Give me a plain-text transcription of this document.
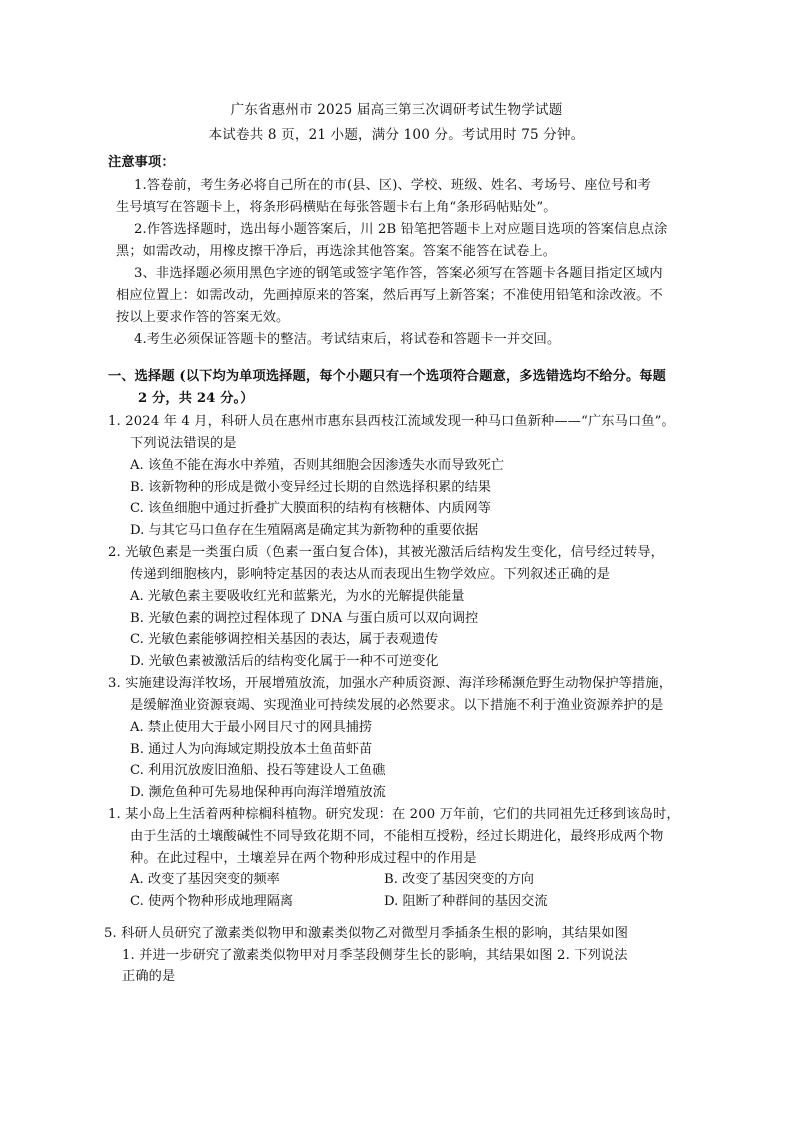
广东省惠州市 2025 届高三第三次调研考试生物学试题
本试卷共 8 页，21 小题，满分 100 分。考试用时 75 分钟。
注意事项：
1.答卷前，考生务必将自己所在的市(县、区)、学校、班级、姓名、考场号、座位号和考
生号填写在答题卡上，将条形码横贴在每张答题卡右上角“条形码帖贴处”。
2.作答选择题时，选出每小题答案后，川 2B 铅笔把答题卡上对应题目选项的答案信息点涂
黑；如需改动，用橡皮擦干净后，再选涂其他答案。答案不能答在试卷上。
3、非选择题必须用黑色字迹的钢笔或签字笔作答，答案必须写在答题卡各题目指定区域内
相应位置上：如需改动，先画掉原来的答案，然后再写上新答案；不准使用铅笔和涂改液。不
按以上要求作答的答案无效。
4.考生必须保证答题卡的整洁。考试结束后，将试卷和答题卡一并交回。
一、选择题 (以下均为单项选择题，每个小题只有一个选项符合题意，多选错选均不给分。每题
2 分，共 24 分。）
1. 2024 年 4 月，科研人员在惠州市惠东县西枝江流域发现一种马口鱼新种——“广东马口鱼”。
下列说法错误的是
A. 该鱼不能在海水中养殖，否则其细胞会因渗透失水而导致死亡
B. 该新物种的形成是微小变异经过长期的自然选择积累的结果
C. 该鱼细胞中通过折叠扩大膜面积的结构有核糖体、内质网等
D. 与其它马口鱼存在生殖隔离是确定其为新物种的重要依据
2. 光敏色素是一类蛋白质（色素一蛋白复合体)，其被光激活后结构发生变化，信号经过转导，
传递到细胞核内，影响特定基因的表达从而表现出生物学效应。下列叙述正确的是
A. 光敏色素主要吸收红光和蓝紫光，为水的光解提供能量
B. 光敏色素的调控过程体现了 DNA 与蛋白质可以双向调控
C. 光敏色素能够调控相关基因的表达，属于表观遗传
D. 光敏色素被激活后的结构变化属于一种不可逆变化
3. 实施建设海洋牧场，开展增殖放流，加强水产种质资源、海洋珍稀濒危野生动物保护等措施，
是缓解渔业资源衰竭、实现渔业可持续发展的必然要求。以下措施不利于渔业资源养护的是
A. 禁止使用大于最小网目尺寸的网具捕捞
B. 通过人为向海域定期投放本土鱼苗虾苗
C. 利用沉放废旧渔船、投石等建设人工鱼礁
D. 濒危鱼种可先易地保种再向海洋增殖放流
1. 某小岛上生活着两种棕榈科植物。研究发现：在 200 万年前，它们的共同祖先迁移到该岛时，
由于生活的土壤酸碱性不同导致花期不同，不能相互授粉，经过长期进化，最终形成两个物
种。在此过程中，土壤差异在两个物种形成过程中的作用是
A. 改变了基因突变的频率	B. 改变了基因突变的方向
C. 使两个物种形成地理隔离	D. 阻断了种群间的基因交流
5. 科研人员研究了激素类似物甲和激素类似物乙对微型月季插条生根的影响，其结果如图
1. 并进一步研究了激素类似物甲对月季茎段侧芽生长的影响，其结果如图 2. 下列说法
正确的是
